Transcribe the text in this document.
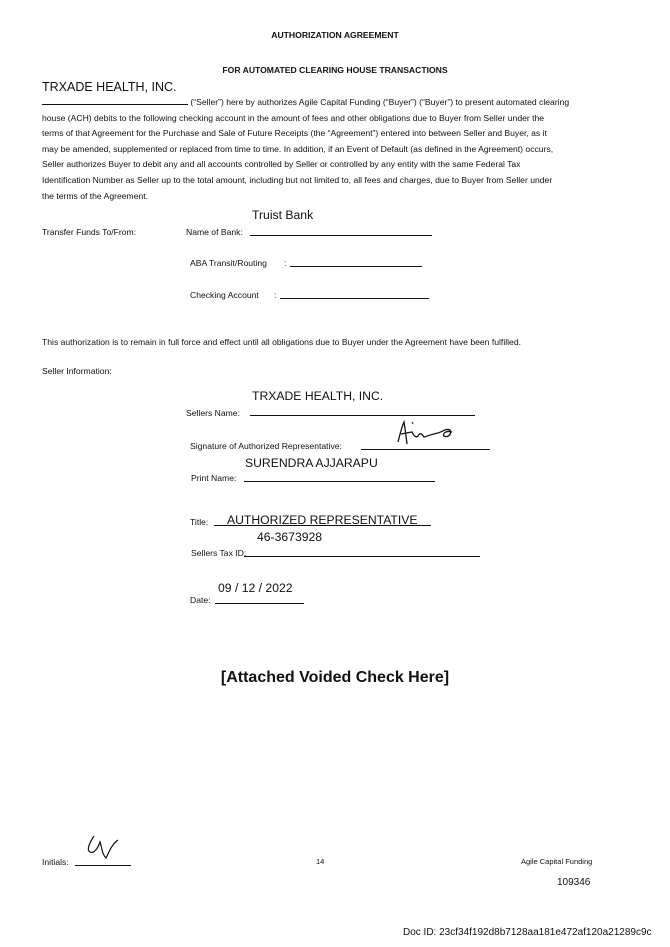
AUTHORIZATION AGREEMENT
FOR AUTOMATED CLEARING HOUSE TRANSACTIONS
TRXADE HEALTH, INC.
(“Seller”) here by authorizes Agile Capital Funding (“Buyer”) (“Buyer”) to present automated clearing
house (ACH) debits to the following checking account in the amount of fees and other obligations due to Buyer from Seller under the
terms of that Agreement for the Purchase and Sale of Future Receipts (the “Agreement”) entered into between Seller and Buyer, as it
may be amended, supplemented or replaced from time to time. In addition, if an Event of Default (as defined in the Agreement) occurs,
Seller authorizes Buyer to debit any and all accounts controlled by Seller or controlled by any entity with the same Federal Tax
Identification Number as Seller up to the total amount, including but not limited to, all fees and charges, due to Buyer from Seller under
the terms of the Agreement.
Truist Bank
Transfer Funds To/From:	Name of Bank:
ABA Transit/Routing :
Checking Account :
This authorization is to remain in full force and effect until all obligations due to Buyer under the Agreement have been fulfilled.
Seller Information:
TRXADE HEALTH, INC.
Sellers Name:
Signature of Authorized Representative:
SURENDRA AJJARAPU
Print Name:
AUTHORIZED REPRESENTATIVE
Title:
46-3673928
Sellers Tax ID:
09 / 12 / 2022
Date:
[Attached Voided Check Here]
Initials:	14	Agile Capital Funding
109346
Doc ID: 23cf34f192d8b7128aa181e472af120a21289c9c
